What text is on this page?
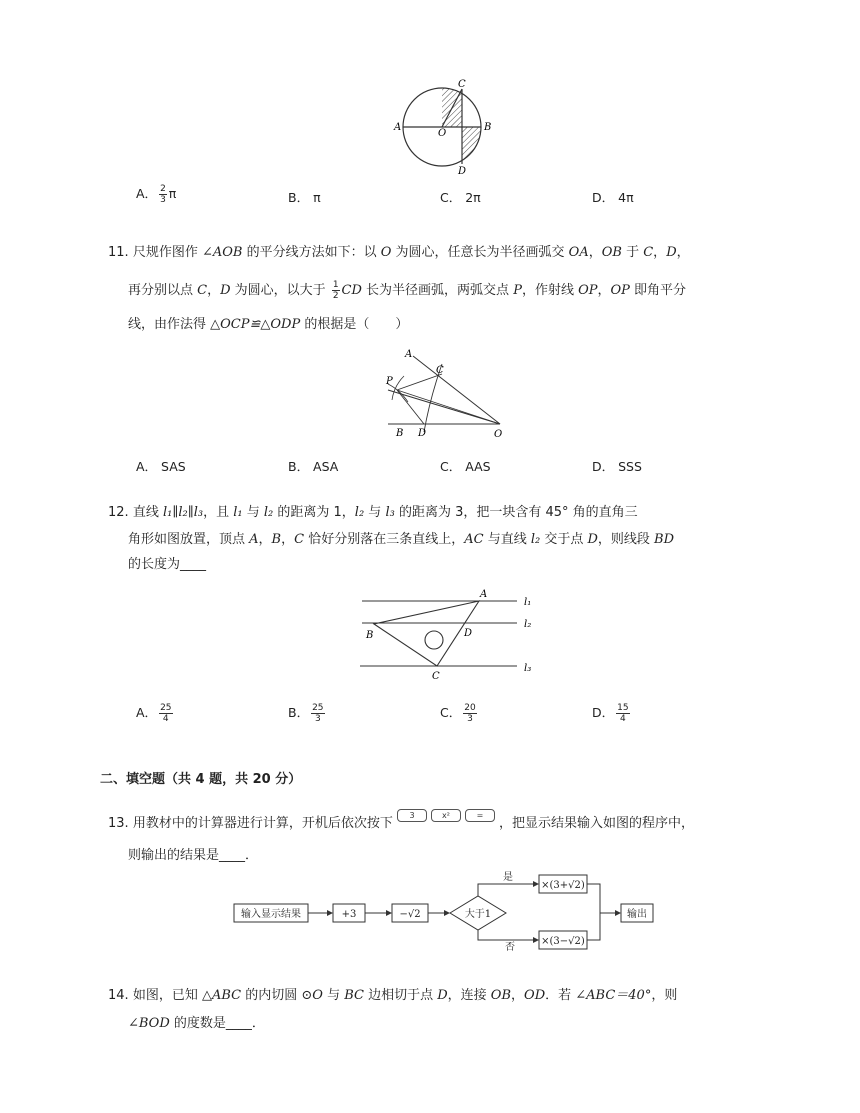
C
A
O
B
D
A． $\frac{2}{3}$ π	B． π	C． 2π	D． 4π
11. 尺规作图作 ∠AOB 的平分线方法如下：以 O 为圆心，任意长为半径画弧交 OA，OB 于 C，D，
再分别以点 C，D 为圆心，以大于 $\frac{1}{2}$ CD 长为半径画弧，两弧交点 P，作射线 OP，OP 即角平分
线，由作法得 △OCP≌△ODP 的根据是（　　）
A
C
P
B D	O
A． SAS	B． ASA	C． AAS	D． SSS
12. 直线 l₁∥l₂∥l₃，且 l₁ 与 l₂ 的距离为 1，l₂ 与 l₃ 的距离为 3，把一块含有 45° 角的直角三
角形如图放置，顶点 A，B，C 恰好分别落在三条直线上，AC 与直线 l₂ 交于点 D，则线段 BD
的长度为____
A
B	D
C
l₁
l₂
l₃
A． $\frac{25}{4}$	B． $\frac{25}{3}$	C． $\frac{20}{3}$	D． $\frac{15}{4}$
二、填空题（共 4 题，共 20 分）
13. 用教材中的计算器进行计算，开机后依次按下 3	x²	=，把显示结果输入如图的程序中，
则输出的结果是____．
输入显示结果	+3	−√2	大于1
是
否
×(3+√2)
×(3−√2)
输出
14. 如图，已知 △ABC 的内切圆 ⊙O 与 BC 边相切于点 D，连接 OB，OD．若 ∠ABC＝40°，则
∠BOD 的度数是____．
